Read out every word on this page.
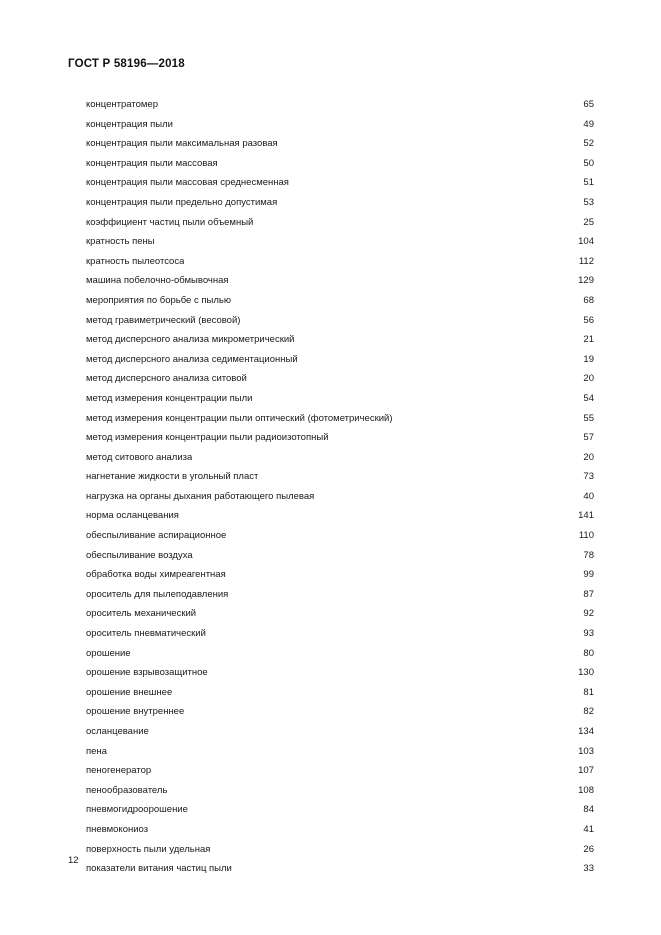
ГОСТ Р 58196—2018
концентратомер	65
концентрация пыли	49
концентрация пыли максимальная разовая	52
концентрация пыли массовая	50
концентрация пыли массовая среднесменная	51
концентрация пыли предельно допустимая	53
коэффициент частиц пыли объемный	25
кратность пены	104
кратность пылеотсоса	112
машина побелочно-обмывочная	129
мероприятия по борьбе с пылью	68
метод гравиметрический (весовой)	56
метод дисперсного анализа микрометрический	21
метод дисперсного анализа седиментационный	19
метод дисперсного анализа ситовой	20
метод измерения концентрации пыли	54
метод измерения концентрации пыли оптический (фотометрический)	55
метод измерения концентрации пыли радиоизотопный	57
метод ситового анализа	20
нагнетание жидкости в угольный пласт	73
нагрузка на органы дыхания работающего пылевая	40
норма осланцевания	141
обеспыливание аспирационное	110
обеспыливание воздуха	78
обработка воды химреагентная	99
ороситель для пылеподавления	87
ороситель механический	92
ороситель пневматический	93
орошение	80
орошение взрывозащитное	130
орошение внешнее	81
орошение внутреннее	82
осланцевание	134
пена	103
пеногенератор	107
пенообразователь	108
пневмогидроорошение	84
пневмокониоз	41
поверхность пыли удельная	26
показатели витания частиц пыли	33
12
